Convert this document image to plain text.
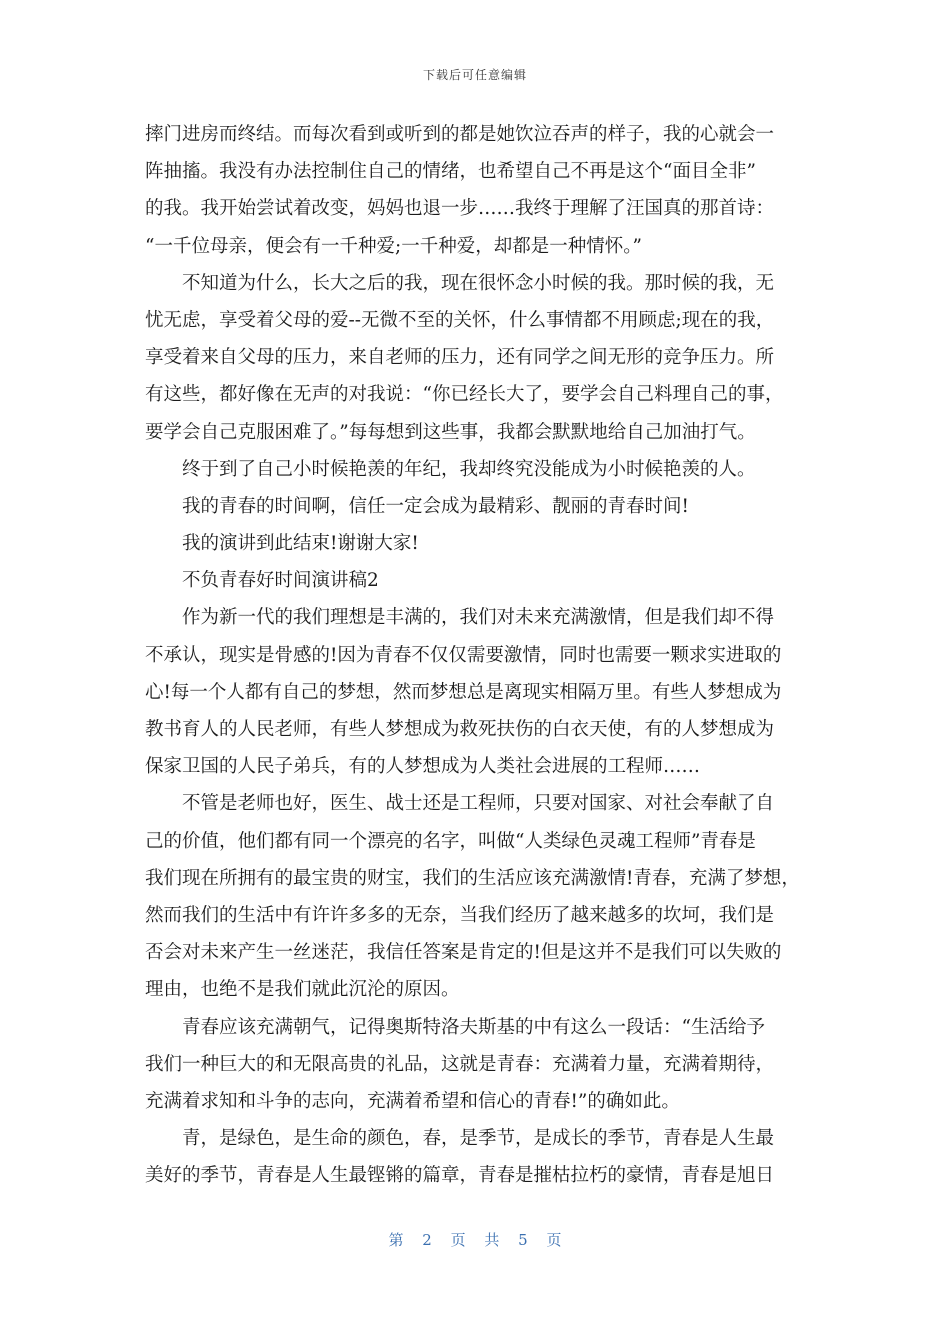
下载后可任意编辑
摔门进房而终结。而每次看到或听到的都是她饮泣吞声的样子，我的心就会一
阵抽搐。我没有办法控制住自己的情绪，也希望自己不再是这个“面目全非”
的我。我开始尝试着改变，妈妈也退一步……我终于理解了汪国真的那首诗：
“一千位母亲，便会有一千种爱;一千种爱，却都是一种情怀。”
不知道为什么，长大之后的我，现在很怀念小时候的我。那时候的我，无
忧无虑，享受着父母的爱--无微不至的关怀，什么事情都不用顾虑;现在的我，
享受着来自父母的压力，来自老师的压力，还有同学之间无形的竞争压力。所
有这些，都好像在无声的对我说：“你已经长大了，要学会自己料理自己的事，
要学会自己克服困难了。”每每想到这些事，我都会默默地给自己加油打气。
终于到了自己小时候艳羡的年纪，我却终究没能成为小时候艳羡的人。
我的青春的时间啊，信任一定会成为最精彩、靓丽的青春时间!
我的演讲到此结束!谢谢大家!
不负青春好时间演讲稿2
作为新一代的我们理想是丰满的，我们对未来充满激情，但是我们却不得
不承认，现实是骨感的!因为青春不仅仅需要激情，同时也需要一颗求实进取的
心!每一个人都有自己的梦想，然而梦想总是离现实相隔万里。有些人梦想成为
教书育人的人民老师，有些人梦想成为救死扶伤的白衣天使，有的人梦想成为
保家卫国的人民子弟兵，有的人梦想成为人类社会进展的工程师……
不管是老师也好，医生、战士还是工程师，只要对国家、对社会奉献了自
己的价值，他们都有同一个漂亮的名字，叫做“人类绿色灵魂工程师”青春是
我们现在所拥有的最宝贵的财宝，我们的生活应该充满激情!青春，充满了梦想，
然而我们的生活中有许许多多的无奈，当我们经历了越来越多的坎坷，我们是
否会对未来产生一丝迷茫，我信任答案是肯定的!但是这并不是我们可以失败的
理由，也绝不是我们就此沉沦的原因。
青春应该充满朝气，记得奥斯特洛夫斯基的中有这么一段话：“生活给予
我们一种巨大的和无限高贵的礼品，这就是青春：充满着力量，充满着期待，
充满着求知和斗争的志向，充满着希望和信心的青春!”的确如此。
青，是绿色，是生命的颜色，春，是季节，是成长的季节，青春是人生最
美好的季节，青春是人生最铿锵的篇章，青春是摧枯拉朽的豪情，青春是旭日
第 2 页 共 5 页
